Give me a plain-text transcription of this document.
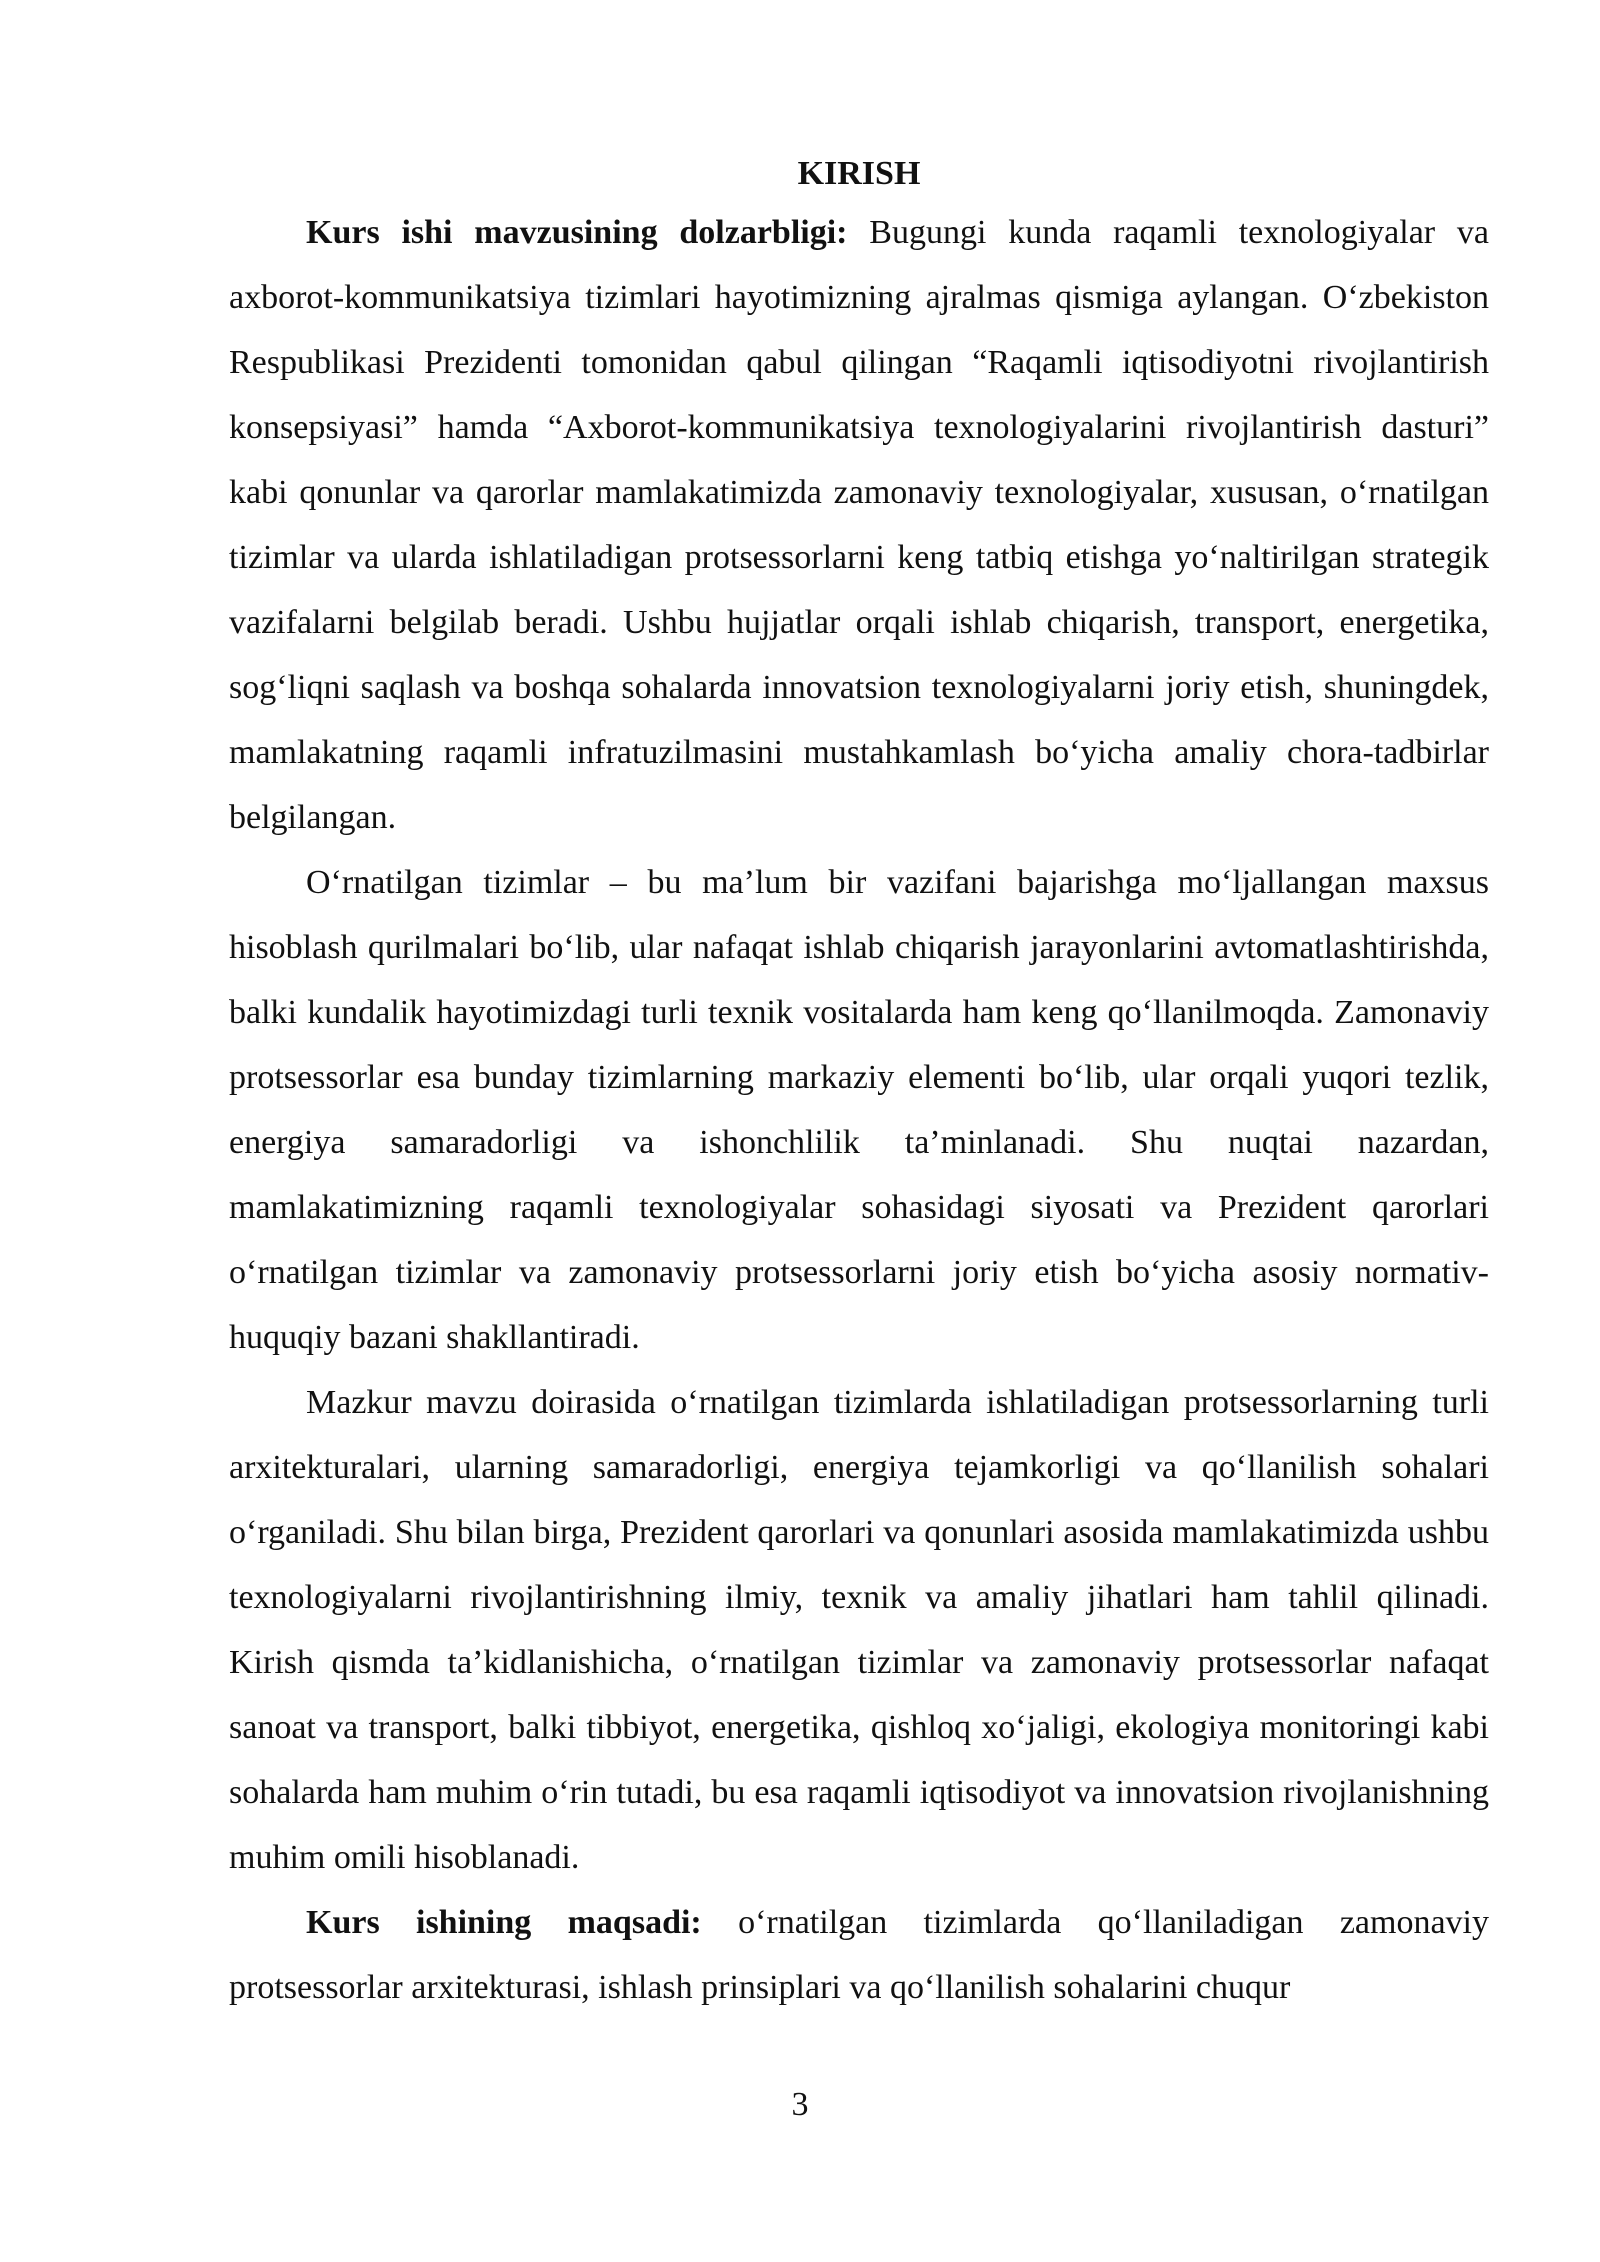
KIRISH

Kurs ishi mavzusining dolzarbligi: Bugungi kunda raqamli texnologiyalar va axborot-kommunikatsiya tizimlari hayotimizning ajralmas qismiga aylangan. O‘zbekiston Respublikasi Prezidenti tomonidan qabul qilingan “Raqamli iqtisodiyotni rivojlantirish konsepsiyasi” hamda “Axborot-kommunikatsiya texnologiyalarini rivojlantirish dasturi” kabi qonunlar va qarorlar mamlakatimizda zamonaviy texnologiyalar, xususan, o‘rnatilgan tizimlar va ularda ishlatiladigan protsessorlarni keng tatbiq etishga yo‘naltirilgan strategik vazifalarni belgilab beradi. Ushbu hujjatlar orqali ishlab chiqarish, transport, energetika, sog‘liqni saqlash va boshqa sohalarda innovatsion texnologiyalarni joriy etish, shuningdek, mamlakatning raqamli infratuzilmasini mustahkamlash bo‘yicha amaliy chora-tadbirlar belgilangan.

O‘rnatilgan tizimlar – bu ma’lum bir vazifani bajarishga mo‘ljallangan maxsus hisoblash qurilmalari bo‘lib, ular nafaqat ishlab chiqarish jarayonlarini avtomatlashtirishda, balki kundalik hayotimizdagi turli texnik vositalarda ham keng qo‘llanilmoqda. Zamonaviy protsessorlar esa bunday tizimlarning markaziy elementi bo‘lib, ular orqali yuqori tezlik, energiya samaradorligi va ishonchlilik ta’minlanadi. Shu nuqtai nazardan, mamlakatimizning raqamli texnologiyalar sohasidagi siyosati va Prezident qarorlari o‘rnatilgan tizimlar va zamonaviy protsessorlarni joriy etish bo‘yicha asosiy normativ-huquqiy bazani shakllantiradi.

Mazkur mavzu doirasida o‘rnatilgan tizimlarda ishlatiladigan protsessorlarning turli arxitekturalari, ularning samaradorligi, energiya tejamkorligi va qo‘llanilish sohalari o‘rganiladi. Shu bilan birga, Prezident qarorlari va qonunlari asosida mamlakatimizda ushbu texnologiyalarni rivojlantirishning ilmiy, texnik va amaliy jihatlari ham tahlil qilinadi. Kirish qismda ta’kidlanishicha, o‘rnatilgan tizimlar va zamonaviy protsessorlar nafaqat sanoat va transport, balki tibbiyot, energetika, qishloq xo‘jaligi, ekologiya monitoringi kabi sohalarda ham muhim o‘rin tutadi, bu esa raqamli iqtisodiyot va innovatsion rivojlanishning muhim omili hisoblanadi.

Kurs ishining maqsadi: o‘rnatilgan tizimlarda qo‘llaniladigan zamonaviy protsessorlar arxitekturasi, ishlash prinsiplari va qo‘llanilish sohalarini chuqur

3
